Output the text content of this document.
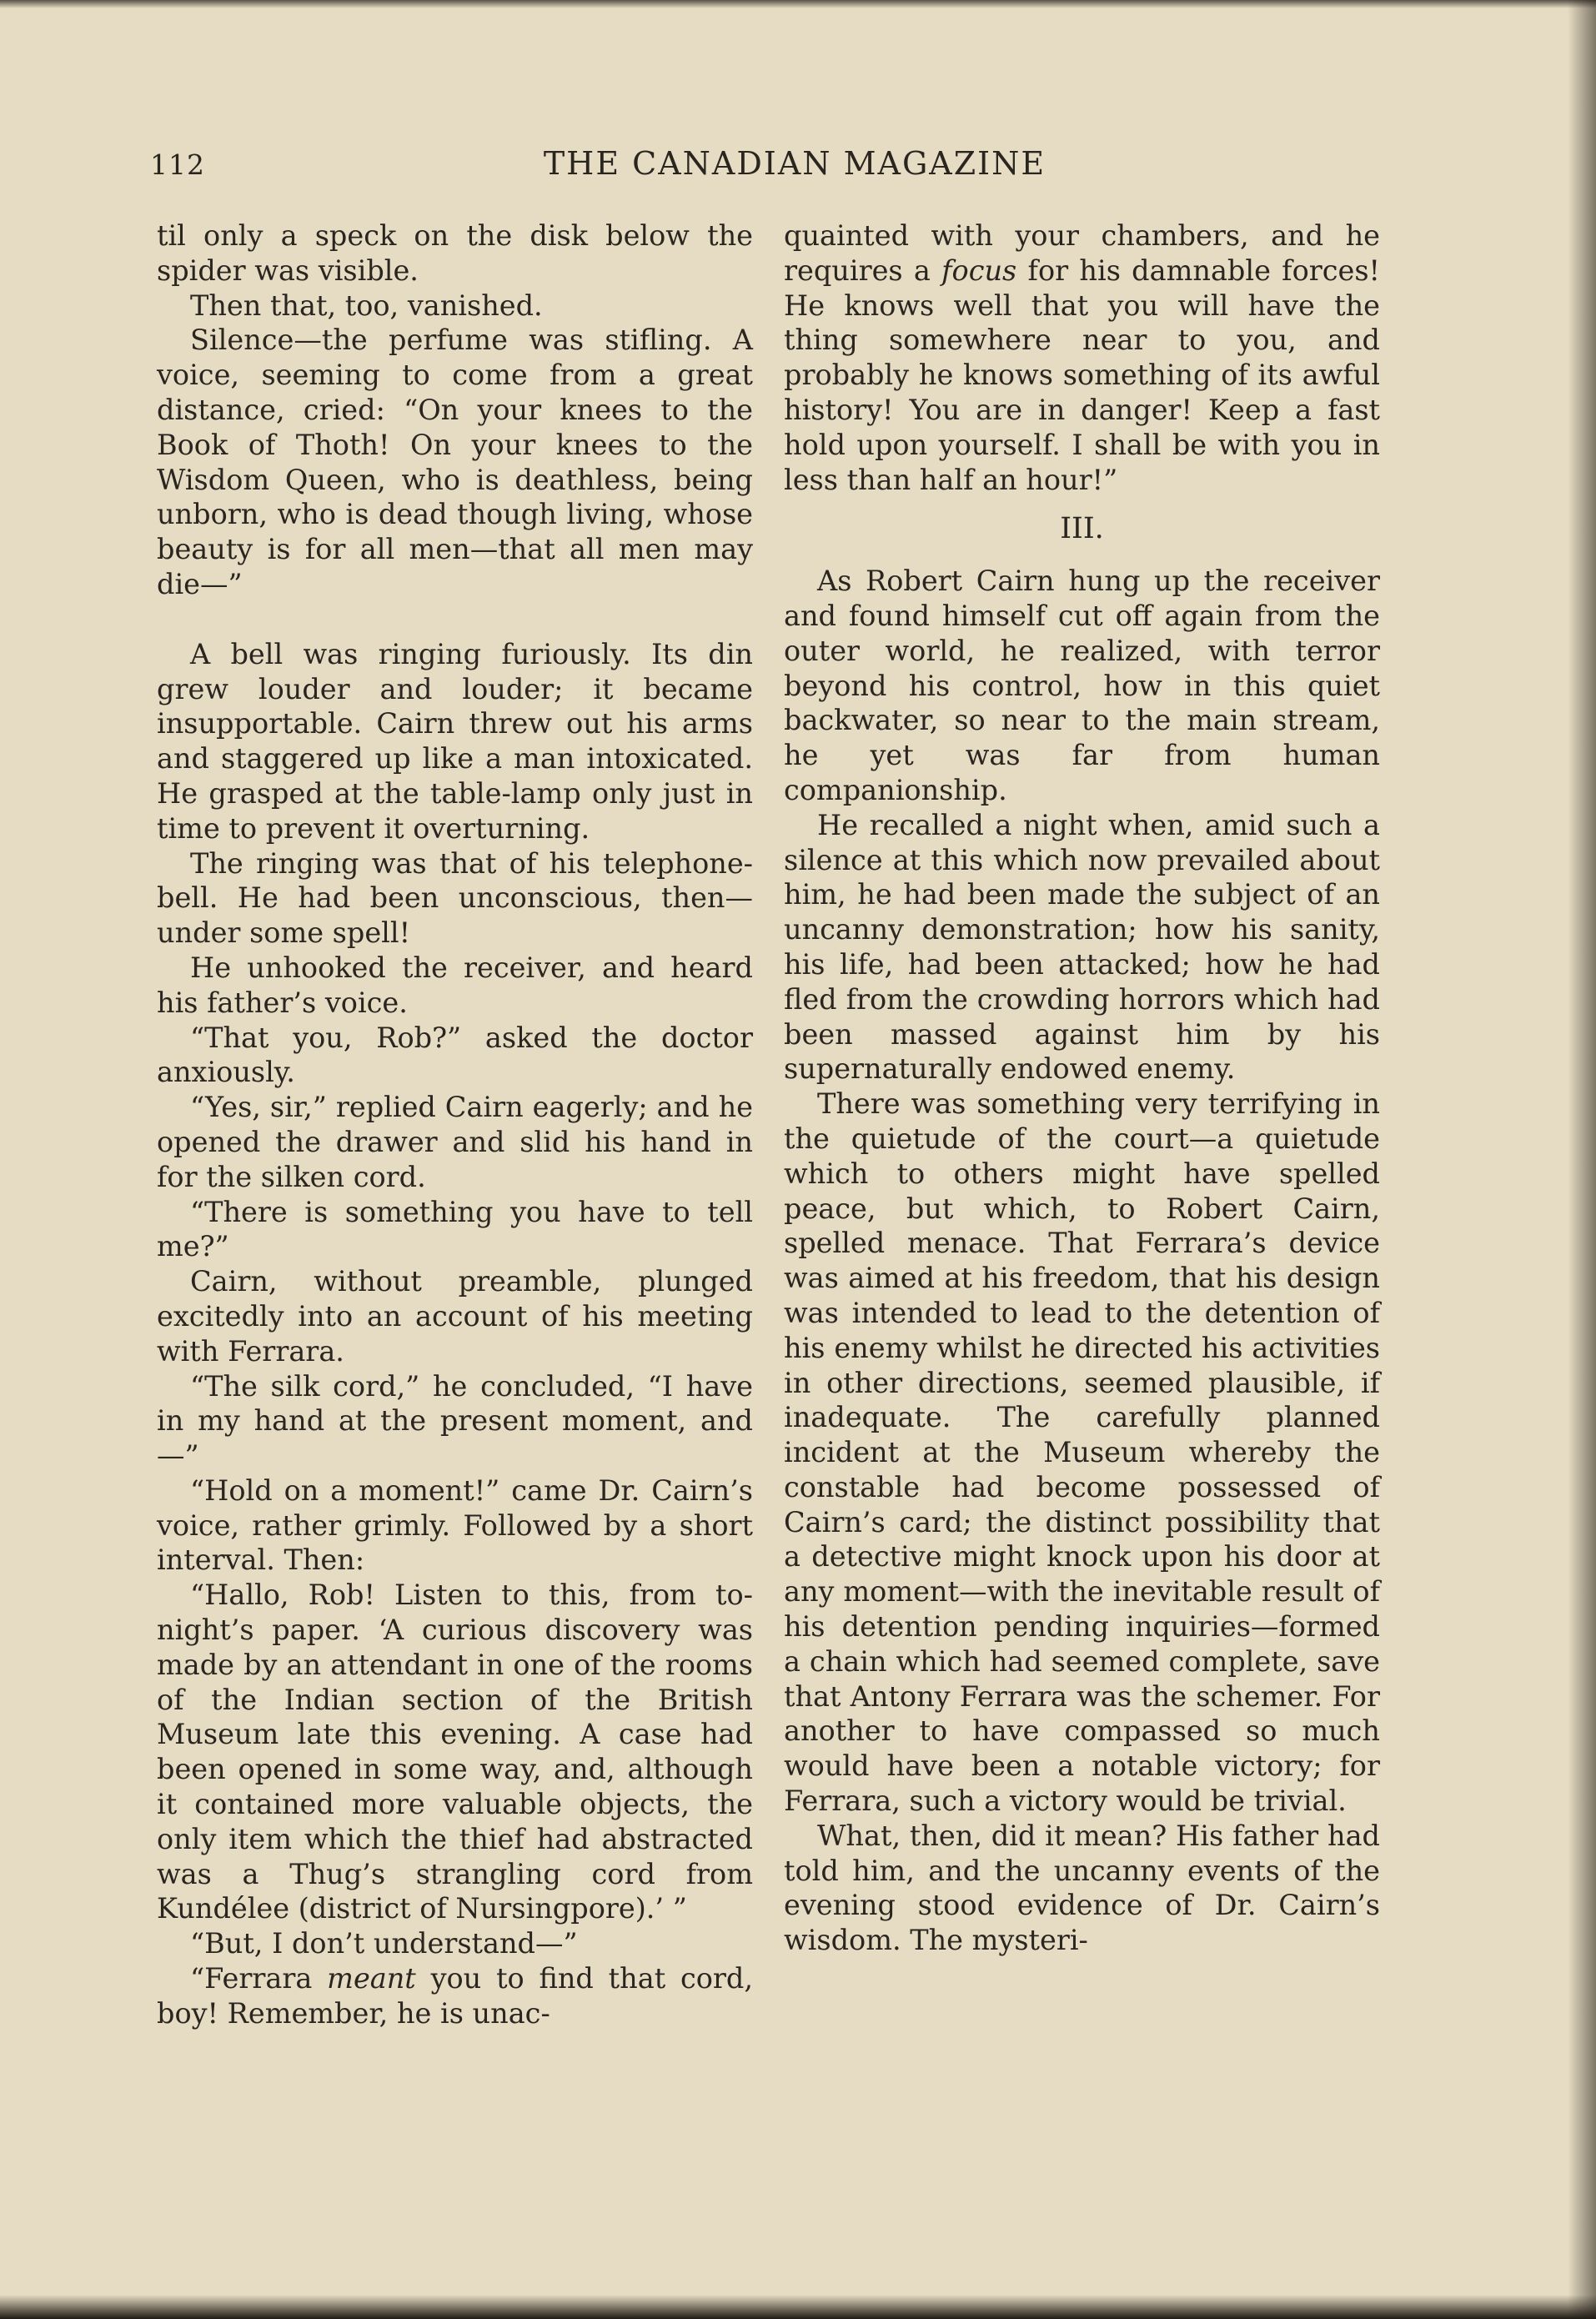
112	THE CANADIAN MAGAZINE

til only a speck on the disk below the spider was visible.

Then that, too, vanished.

Silence—the perfume was stifling. A voice, seeming to come from a great distance, cried: “On your knees to the Book of Thoth! On your knees to the Wisdom Queen, who is deathless, being unborn, who is dead though living, whose beauty is for all men—that all men may die—”

A bell was ringing furiously. Its din grew louder and louder; it became insupportable. Cairn threw out his arms and staggered up like a man intoxicated. He grasped at the table-lamp only just in time to prevent it overturning.

The ringing was that of his telephone-bell. He had been unconscious, then—under some spell!

He unhooked the receiver, and heard his father’s voice.

“That you, Rob?” asked the doctor anxiously.

“Yes, sir,” replied Cairn eagerly; and he opened the drawer and slid his hand in for the silken cord.

“There is something you have to tell me?”

Cairn, without preamble, plunged excitedly into an account of his meeting with Ferrara.

“The silk cord,” he concluded, “I have in my hand at the present moment, and—”

“Hold on a moment!” came Dr. Cairn’s voice, rather grimly. Followed by a short interval. Then:

“Hallo, Rob! Listen to this, from to-night’s paper. ‘A curious discovery was made by an attendant in one of the rooms of the Indian section of the British Museum late this evening. A case had been opened in some way, and, although it contained more valuable objects, the only item which the thief had abstracted was a Thug’s strangling cord from Kundélee (district of Nursingpore).’ ”

“But, I don’t understand—”

“Ferrara meant you to find that cord, boy! Remember, he is unac-

quainted with your chambers, and he requires a focus for his damnable forces! He knows well that you will have the thing somewhere near to you, and probably he knows something of its awful history! You are in danger! Keep a fast hold upon yourself. I shall be with you in less than half an hour!”

III.

As Robert Cairn hung up the receiver and found himself cut off again from the outer world, he realized, with terror beyond his control, how in this quiet backwater, so near to the main stream, he yet was far from human companionship.

He recalled a night when, amid such a silence at this which now prevailed about him, he had been made the subject of an uncanny demonstration; how his sanity, his life, had been attacked; how he had fled from the crowding horrors which had been massed against him by his supernaturally endowed enemy.

There was something very terrifying in the quietude of the court—a quietude which to others might have spelled peace, but which, to Robert Cairn, spelled menace. That Ferrara’s device was aimed at his freedom, that his design was intended to lead to the detention of his enemy whilst he directed his activities in other directions, seemed plausible, if inadequate. The carefully planned incident at the Museum whereby the constable had become possessed of Cairn’s card; the distinct possibility that a detective might knock upon his door at any moment—with the inevitable result of his detention pending inquiries—formed a chain which had seemed complete, save that Antony Ferrara was the schemer. For another to have compassed so much would have been a notable victory; for Ferrara, such a victory would be trivial.

What, then, did it mean? His father had told him, and the uncanny events of the evening stood evidence of Dr. Cairn’s wisdom. The mysteri-
